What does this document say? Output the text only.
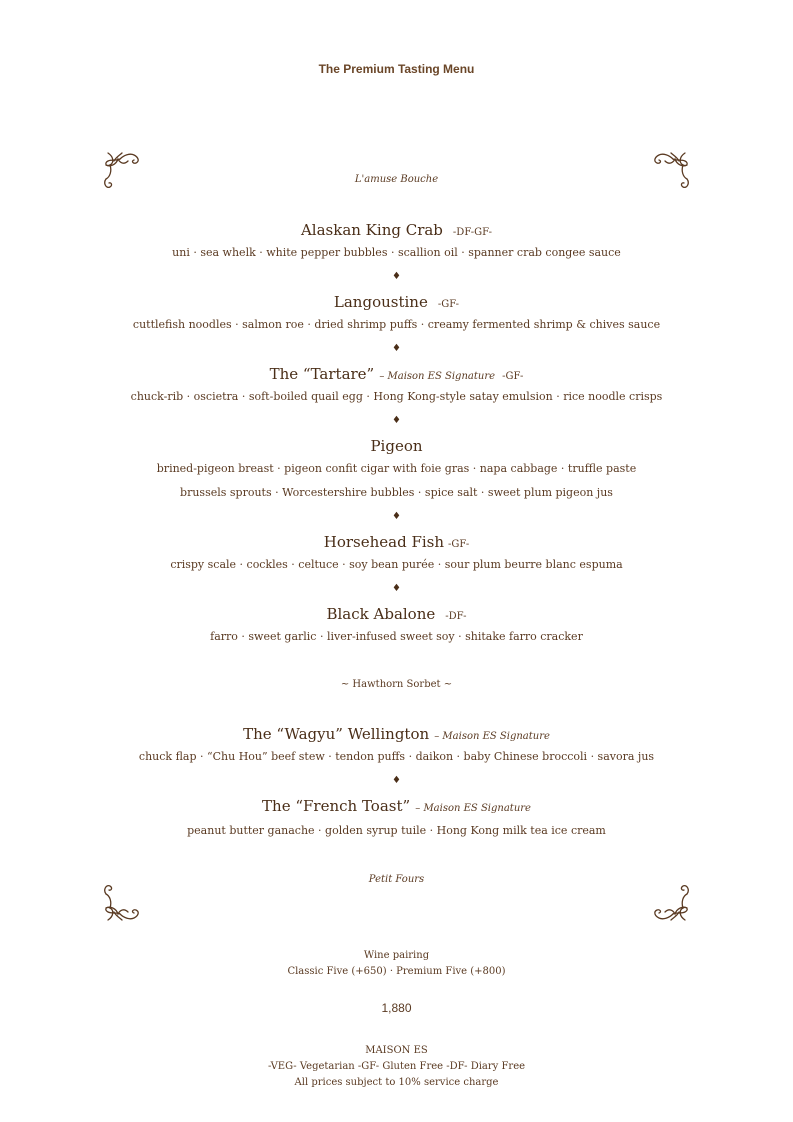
The Premium Tasting Menu
L'amuse Bouche
Alaskan King Crab -DF-GF-
uni · sea whelk · white pepper bubbles · scallion oil · spanner crab congee sauce
♦
Langoustine -GF-
cuttlefish noodles · salmon roe · dried shrimp puffs · creamy fermented shrimp & chives sauce
♦
The “Tartare” – Maison ES Signature -GF-
chuck-rib · oscietra · soft-boiled quail egg · Hong Kong-style satay emulsion · rice noodle crisps
♦
Pigeon
brined-pigeon breast · pigeon confit cigar with foie gras · napa cabbage · truffle paste
brussels sprouts · Worcestershire bubbles · spice salt · sweet plum pigeon jus
♦
Horsehead Fish -GF-
crispy scale · cockles · celtuce · soy bean purée · sour plum beurre blanc espuma
♦
Black Abalone -DF-
farro · sweet garlic · liver-infused sweet soy · shitake farro cracker
~ Hawthorn Sorbet ~
The “Wagyu” Wellington – Maison ES Signature
chuck flap · “Chu Hou” beef stew · tendon puffs · daikon · baby Chinese broccoli · savora jus
♦
The “French Toast” – Maison ES Signature
peanut butter ganache · golden syrup tuile · Hong Kong milk tea ice cream
Petit Fours
Wine pairing
Classic Five (+650) · Premium Five (+800)
1,880
MAISON ES
-VEG- Vegetarian -GF- Gluten Free -DF- Diary Free
All prices subject to 10% service charge
